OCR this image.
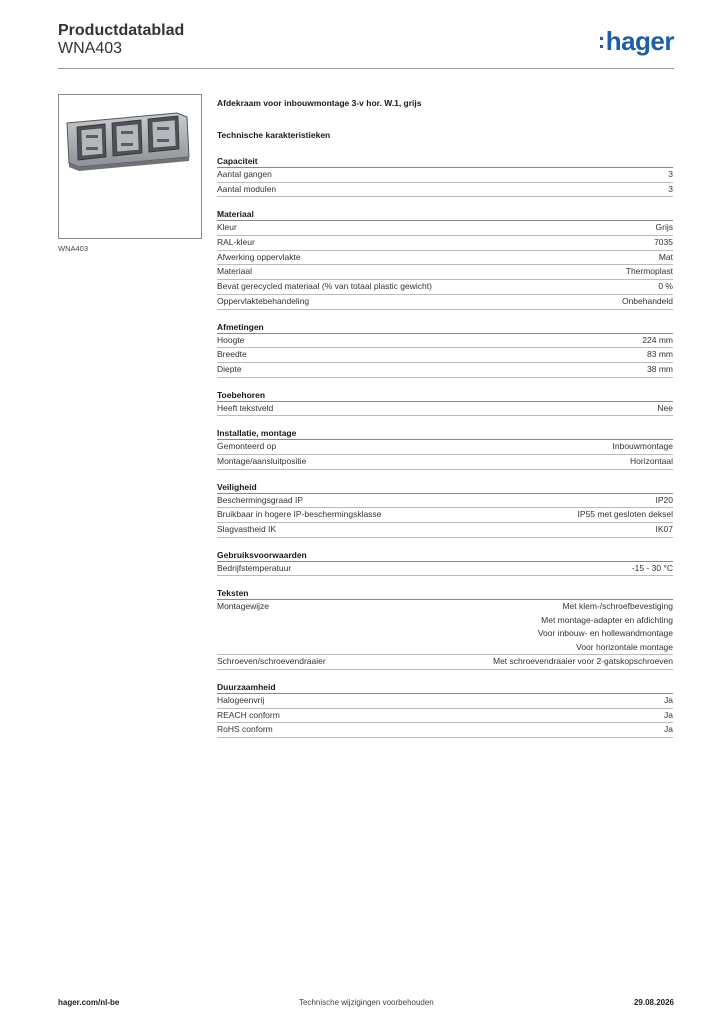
Productdatablad
WNA403	:hager
WNA403
Afdekraam voor inbouwmontage 3-v hor. W.1, grijs
Technische karakteristieken
Capaciteit
Aantal gangen	3
Aantal modulen	3
Materiaal
Kleur	Grijs
RAL-kleur	7035
Afwerking oppervlakte	Mat
Materiaal	Thermoplast
Bevat gerecycled materiaal (% van totaal plastic gewicht)	0 %
Oppervlaktebehandeling	Onbehandeld
Afmetingen
Hoogte	224 mm
Breedte	83 mm
Diepte	38 mm
Toebehoren
Heeft tekstveld	Nee
Installatie, montage
Gemonteerd op	Inbouwmontage
Montage/aansluitpositie	Horizontaal
Veiligheid
Beschermingsgraad IP	IP20
Bruikbaar in hogere IP-beschermingsklasse	IP55 met gesloten deksel
Slagvastheid IK	IK07
Gebruiksvoorwaarden
Bedrijfstemperatuur	-15 - 30 °C
Teksten
Montagewijze	Met klem-/schroefbevestiging
Met montage-adapter en afdichting
Voor inbouw- en hollewandmontage
Voor horizontale montage
Schroeven/schroevendraaier	Met schroevendraaier voor 2-gatskopschroeven
Duurzaamheid
Halogeenvrij	Ja
REACH conform	Ja
RoHS conform	Ja
hager.com/nl-be	Technische wijzigingen voorbehouden	29.08.2026
